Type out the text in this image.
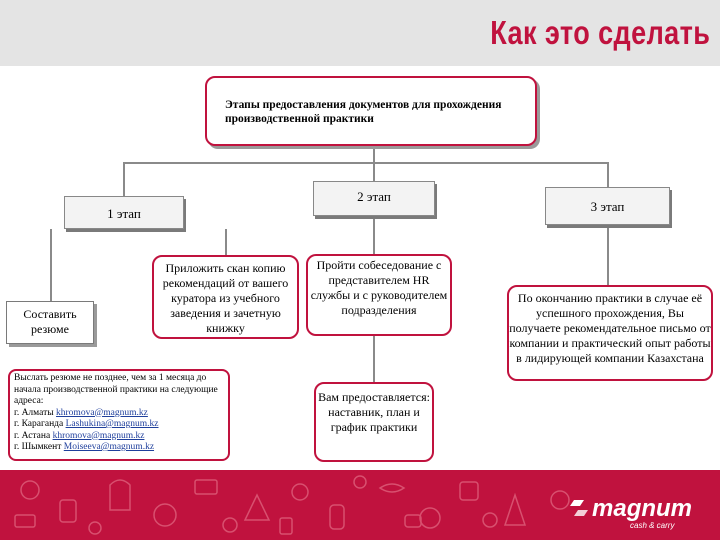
Как это сделать
Этапы предоставления документов для прохождения производственной практики
1 этап
2 этап
3 этап
Составить резюме
Приложить скан копию рекомендаций от вашего куратора из учебного заведения и зачетную книжку
Выслать резюме не позднее, чем за 1 месяца до начала производственной практики на следующие адреса:
г. Алматы khromova@magnum.kz
г. Караганда Lashukina@magnum.kz
г. Астана khromova@magnum.kz
г. Шымкент Moiseeva@magnum.kz
Пройти собеседование с представителем HR службы и с руководителем подразделения
Вам предоставляется: наставник, план и график практики
По окончанию практики в случае её успешного прохождения, Вы получаете рекомендательное письмо от компании и практический опыт работы в лидирующей компании Казахстана
magnum
cash & carry
